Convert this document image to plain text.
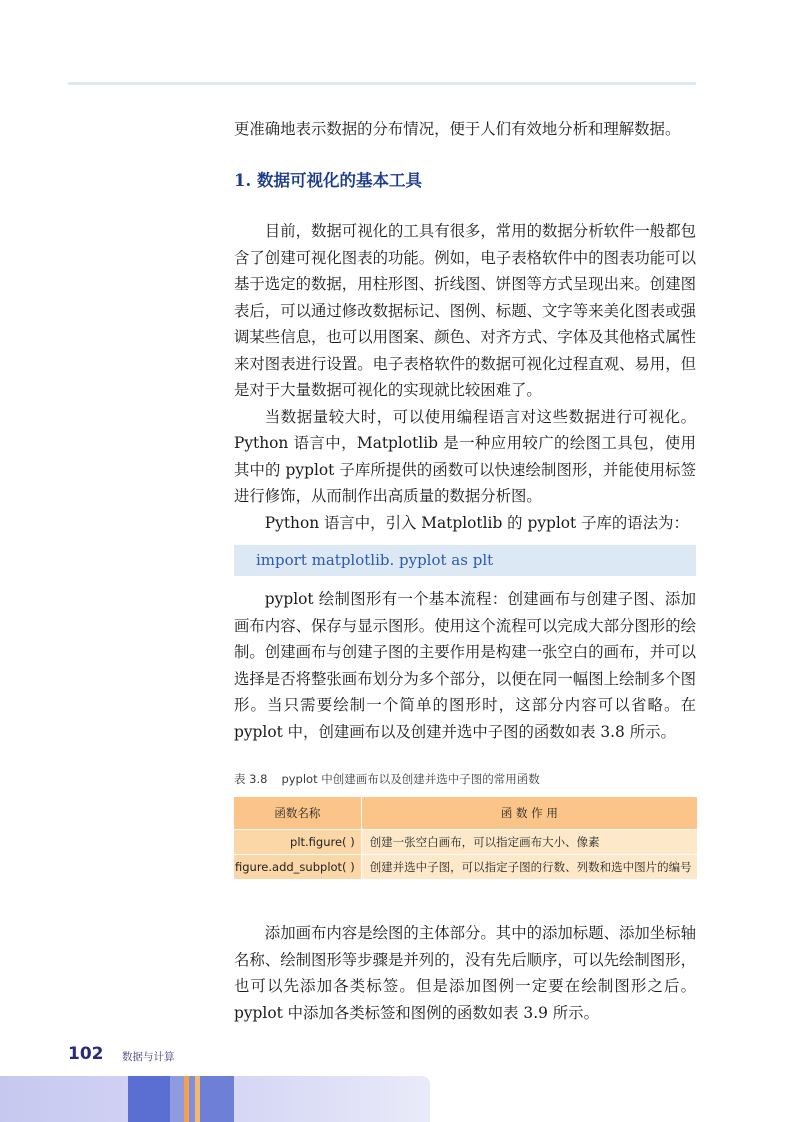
更准确地表示数据的分布情况，便于人们有效地分析和理解数据。

1. 数据可视化的基本工具

目前，数据可视化的工具有很多，常用的数据分析软件一般都包含了创建可视化图表的功能。例如，电子表格软件中的图表功能可以基于选定的数据，用柱形图、折线图、饼图等方式呈现出来。创建图表后，可以通过修改数据标记、图例、标题、文字等来美化图表或强调某些信息，也可以用图案、颜色、对齐方式、字体及其他格式属性来对图表进行设置。电子表格软件的数据可视化过程直观、易用，但是对于大量数据可视化的实现就比较困难了。

当数据量较大时，可以使用编程语言对这些数据进行可视化。Python 语言中，Matplotlib 是一种应用较广的绘图工具包，使用其中的 pyplot 子库所提供的函数可以快速绘制图形，并能使用标签进行修饰，从而制作出高质量的数据分析图。

Python 语言中，引入 Matplotlib 的 pyplot 子库的语法为：

import matplotlib. pyplot as plt

pyplot 绘制图形有一个基本流程：创建画布与创建子图、添加画布内容、保存与显示图形。使用这个流程可以完成大部分图形的绘制。创建画布与创建子图的主要作用是构建一张空白的画布，并可以选择是否将整张画布划分为多个部分，以便在同一幅图上绘制多个图形。当只需要绘制一个简单的图形时，这部分内容可以省略。在 pyplot 中，创建画布以及创建并选中子图的函数如表 3.8 所示。

表 3.8 pyplot 中创建画布以及创建并选中子图的常用函数
函数名称	函 数 作 用
plt.figure( )	创建一张空白画布，可以指定画布大小、像素
figure.add_subplot( )	创建并选中子图，可以指定子图的行数、列数和选中图片的编号

添加画布内容是绘图的主体部分。其中的添加标题、添加坐标轴名称、绘制图形等步骤是并列的，没有先后顺序，可以先绘制图形，也可以先添加各类标签。但是添加图例一定要在绘制图形之后。pyplot 中添加各类标签和图例的函数如表 3.9 所示。

102 数据与计算
